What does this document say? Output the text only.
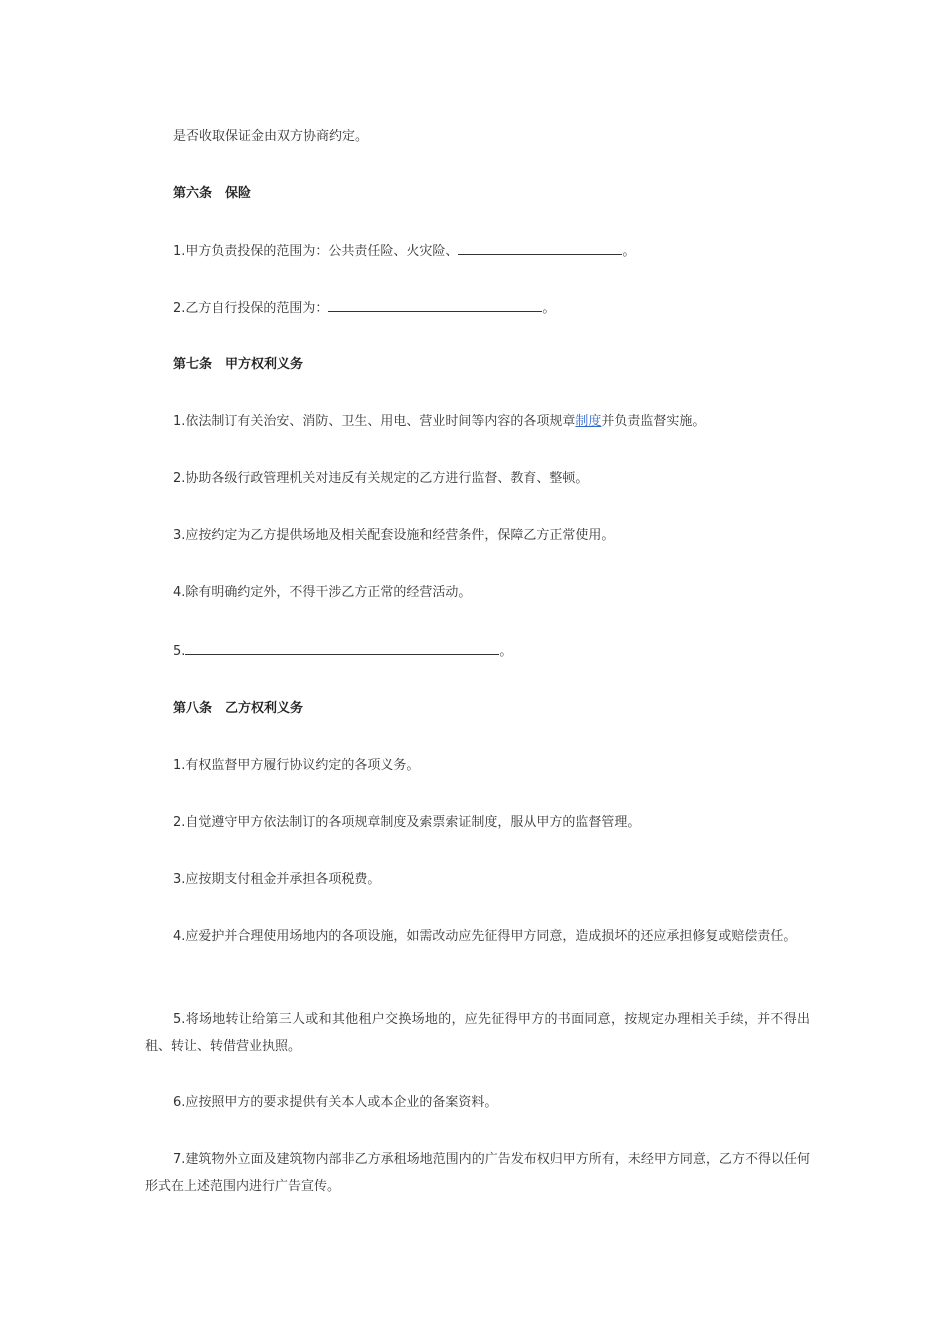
是否收取保证金由双方协商约定。
第六条　保险
1.甲方负责投保的范围为：公共责任险、火灾险、	。
2.乙方自行投保的范围为：	。
第七条　甲方权利义务
1.依法制订有关治安、消防、卫生、用电、营业时间等内容的各项规章制度并负责监督实施。
2.协助各级行政管理机关对违反有关规定的乙方进行监督、教育、整顿。
3.应按约定为乙方提供场地及相关配套设施和经营条件，保障乙方正常使用。
4.除有明确约定外，不得干涉乙方正常的经营活动。
5.	。
第八条　乙方权利义务
1.有权监督甲方履行协议约定的各项义务。
2.自觉遵守甲方依法制订的各项规章制度及索票索证制度，服从甲方的监督管理。
3.应按期支付租金并承担各项税费。
4.应爱护并合理使用场地内的各项设施，如需改动应先征得甲方同意，造成损坏的还应承担修复或赔偿责任。
5.将场地转让给第三人或和其他租户交换场地的，应先征得甲方的书面同意，按规定办理相关手续，并不得出租、转让、转借营业执照。
6.应按照甲方的要求提供有关本人或本企业的备案资料。
7.建筑物外立面及建筑物内部非乙方承租场地范围内的广告发布权归甲方所有，未经甲方同意，乙方不得以任何形式在上述范围内进行广告宣传。
